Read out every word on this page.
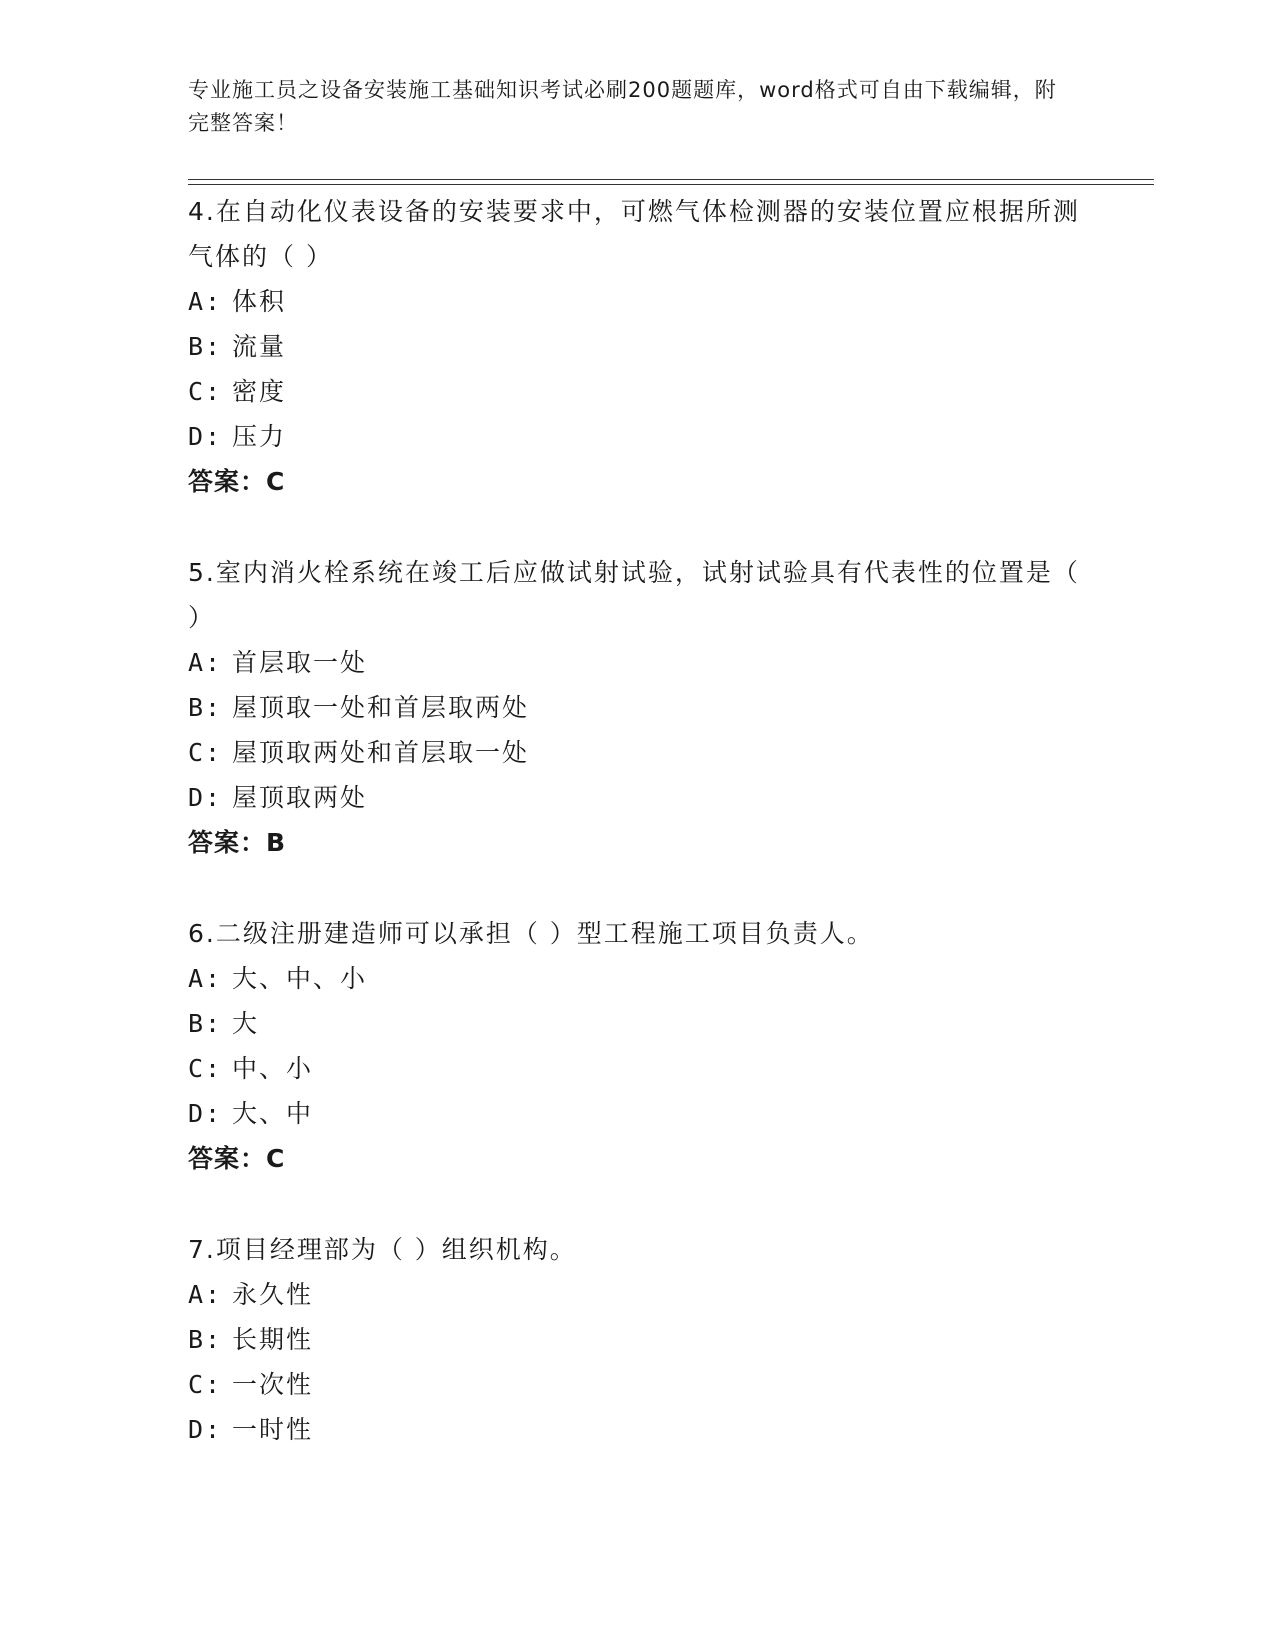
专业施工员之设备安装施工基础知识考试必刷200题题库，word格式可自由下载编辑，附完整答案！

4.在自动化仪表设备的安装要求中，可燃气体检测器的安装位置应根据所测气体的（ ）

A: 体积
B: 流量
C: 密度
D: 压力
答案：C

5.室内消火栓系统在竣工后应做试射试验，试射试验具有代表性的位置是（ ）

A: 首层取一处
B: 屋顶取一处和首层取两处
C: 屋顶取两处和首层取一处
D: 屋顶取两处
答案：B

6.二级注册建造师可以承担（ ）型工程施工项目负责人。

A: 大、中、小
B: 大
C: 中、小
D: 大、中
答案：C

7.项目经理部为（ ）组织机构。

A: 永久性
B: 长期性
C: 一次性
D: 一时性
